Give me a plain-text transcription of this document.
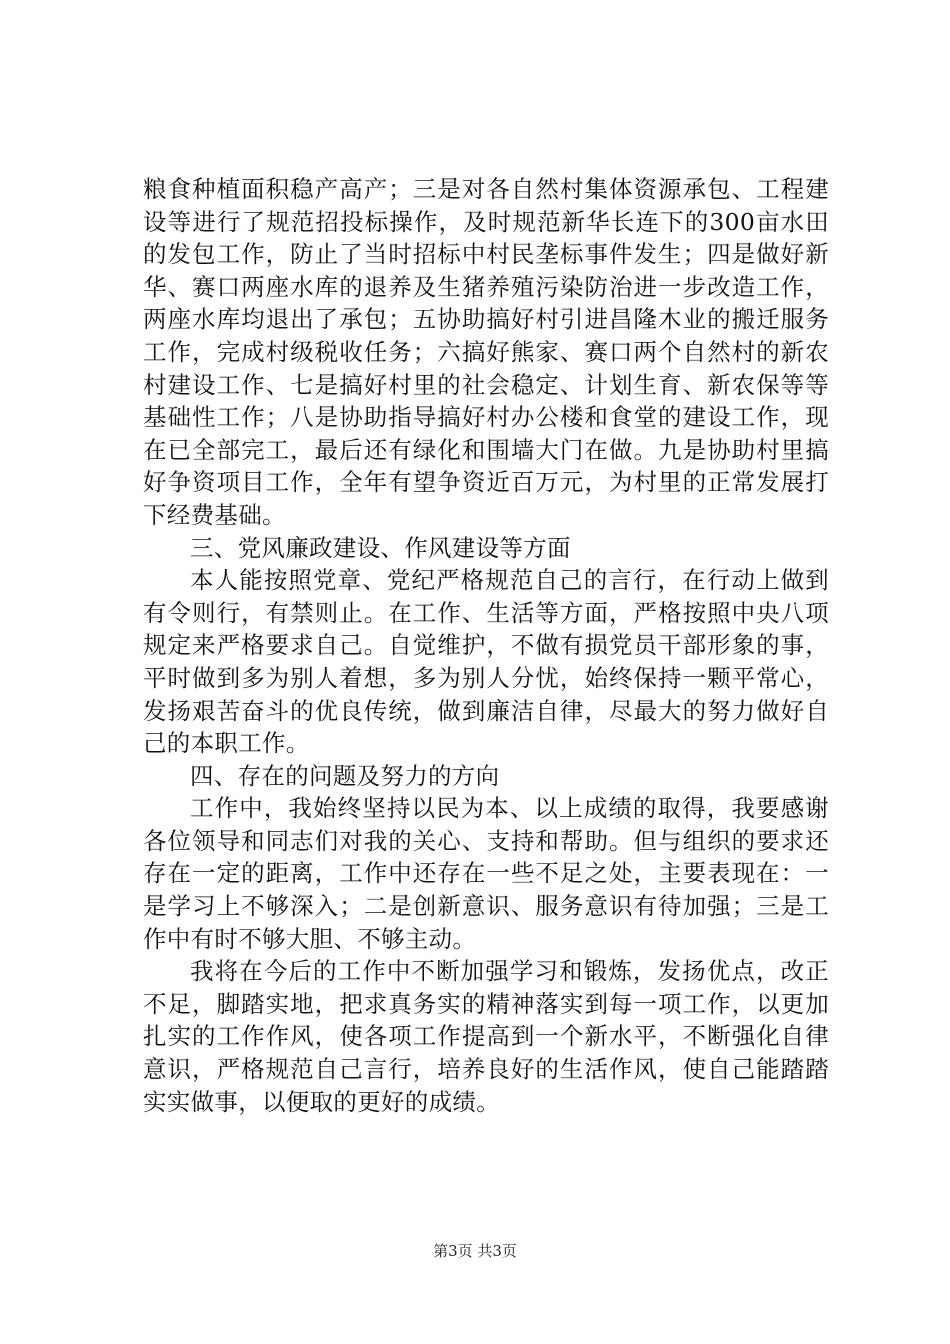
粮食种植面积稳产高产；三是对各自然村集体资源承包、工程建设等进行了规范招投标操作，及时规范新华长连下的300亩水田的发包工作，防止了当时招标中村民垄标事件发生；四是做好新华、赛口两座水库的退养及生猪养殖污染防治进一步改造工作，两座水库均退出了承包；五协助搞好村引进昌隆木业的搬迁服务工作，完成村级税收任务；六搞好熊家、赛口两个自然村的新农村建设工作、七是搞好村里的社会稳定、计划生育、新农保等等基础性工作；八是协助指导搞好村办公楼和食堂的建设工作，现在已全部完工，最后还有绿化和围墙大门在做。九是协助村里搞好争资项目工作，全年有望争资近百万元，为村里的正常发展打下经费基础。

三、党风廉政建设、作风建设等方面

本人能按照党章、党纪严格规范自己的言行，在行动上做到有令则行，有禁则止。在工作、生活等方面，严格按照中央八项规定来严格要求自己。自觉维护，不做有损党员干部形象的事，平时做到多为别人着想，多为别人分忧，始终保持一颗平常心，发扬艰苦奋斗的优良传统，做到廉洁自律，尽最大的努力做好自己的本职工作。

四、存在的问题及努力的方向

工作中，我始终坚持以民为本、以上成绩的取得，我要感谢各位领导和同志们对我的关心、支持和帮助。但与组织的要求还存在一定的距离，工作中还存在一些不足之处，主要表现在：一是学习上不够深入；二是创新意识、服务意识有待加强；三是工作中有时不够大胆、不够主动。

我将在今后的工作中不断加强学习和锻炼，发扬优点，改正不足，脚踏实地，把求真务实的精神落实到每一项工作，以更加扎实的工作作风，使各项工作提高到一个新水平，不断强化自律意识，严格规范自己言行，培养良好的生活作风，使自己能踏踏实实做事，以便取的更好的成绩。

第3页 共3页
